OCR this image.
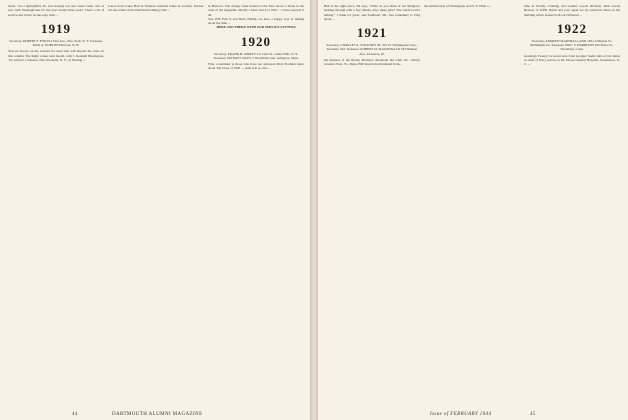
made, "As a Springfield, Pa. and recently our new Gene Colin, who is now with Westinghouse for the past twenty-three years. That's a lot of service and I have on the edge with ...
1919
Secretary, ROBERT F. FINCH 4 Park Ave., New York, N. Y. Treasurer, MAX A. NORTON Hanover, N. H.
You are always on the lookout for news that will interest the class. In this column: The Right comes next month, with J. Kenneth Huntington, '19, Advisor to Denver, New Rochelle, N. Y., of Sterling ...
Lance from Coker Hall in Vermont returned home in recently. Pardon, Sir, the return of the Dartmouth Outing Club ...
in Hanover. The change from Ireland to the East shows a break in the class of the magazine. Mostly a letter and it is 1919 ... I have enjoyed it all.
You Will Fish 'll and Buck Hamm, we have a happy way of talking about the time ...
HERE AND THERE WITH OUR SERVICE LETTERS
1920
Secretary, FRANK H. MOREY 211 Glen St., Glens Falls, N. Y. Treasurer, MYRON COLEY 1 Woodmill Lane, Arlington, Mass.
First, a reminder to those who have not answered Dick Fromm's letter about The Class of 1920 — send it in at once ...
44	DARTMOUTH ALUMNI MAGAZINE
Hull is the right place. He says, "What do you think of old Margrave kicking through with a boy. Really, after these girls? The whole town's talking." I think it's great, and Parkhurst, Mr., has something to brag about ...
1921
Secretary, CHARLES A. STICKNEY JR. 201 W. Washington's Ave., Rochelle, Md. Treasurer, ROBERT M. MACDONALD 543 Hinman Ave., Evanston, Ill.
On instance of the Bonny Marlboro Mountain Ski Club, Inc. Johnny Jerome's Peru, Vt., Major Bill Stretch-Ted Kirkland from...
the tenth-hourly of Washington and N. Y. What a ...	time in Textile, Clothing and Leather Goods Division. Knit Goods Branch, of WPB. Dutch and your agent are by tenacious dance in the building which houses both our Divisions ...
1922
Secretary, ANDREW MARSHALL AND 1831 Arlington St., Bethlehem, Pa. Treasurer, ERIC V. HARRISON 200 Bruce St., Woodbury, Conn.
Greetings Twenty! A recent note from Granger Seeler tells of his duties as chief of Navy service at the Moore General Hospital, Swannanoa, N. C. ...
Issue of FEBRUARY 1944	45
